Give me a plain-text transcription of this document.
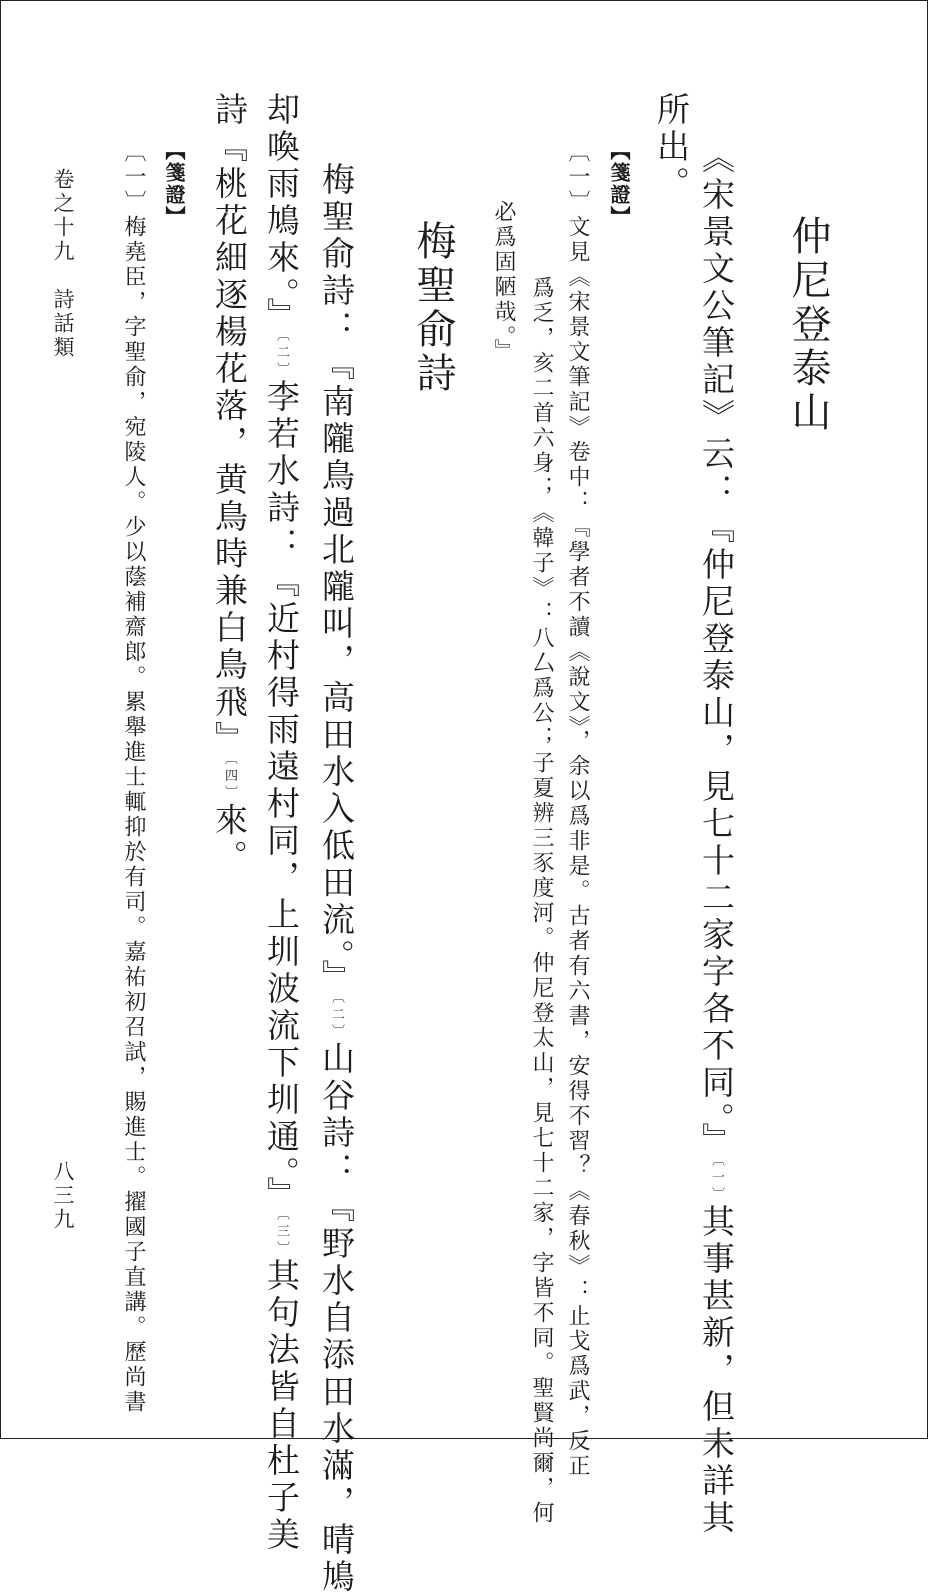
仲尼登泰山
《宋景文公筆記》云：『仲尼登泰山，見七十二家字各不同。』〔一〕其事甚新，但未詳其
所出。
【箋證】
〔一〕文見《宋景文筆記》卷中：『學者不讀《說文》，余以爲非是。古者有六書，安得不習？《春秋》：止戈爲武，反正
爲乏，亥二首六身；《韓子》：八厶爲公；子夏辨三豕度河。仲尼登太山，見七十二家，字皆不同。聖賢尚爾，何
必爲固陋哉。』
梅聖俞詩
梅聖俞詩：『南隴鳥過北隴叫，高田水入低田流。』〔二〕山谷詩：『野水自添田水滿，晴鳩
却喚雨鳩來。』〔二〕李若水詩：『近村得雨遠村同，上圳波流下圳通。』〔三〕其句法皆自杜子美
詩『桃花細逐楊花落，黄鳥時兼白鳥飛』〔四〕來。
【箋證】
〔一〕梅堯臣，字聖俞，宛陵人。少以蔭補齋郎。累舉進士輒抑於有司。嘉祐初召試，賜進士。擢國子直講。歷尚書
卷之十九　詩話類
八三九
